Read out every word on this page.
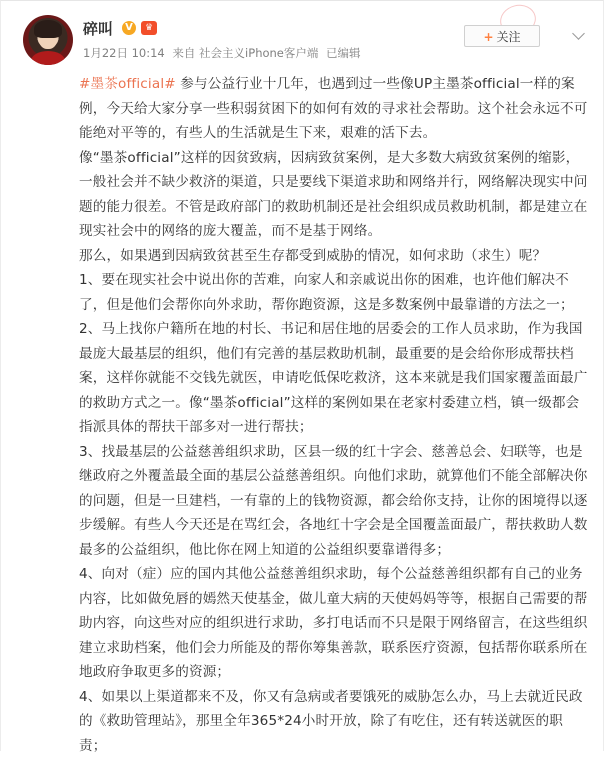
碎叫	V	♛
1月22日 10:14 来自 社会主义iPhone客户端 已编辑
+ 关注
#墨茶official# 参与公益行业十几年，也遇到过一些像UP主墨茶official一样的案例，今天给大家分享一些积弱贫困下的如何有效的寻求社会帮助。这个社会永远不可能绝对平等的，有些人的生活就是生下来，艰难的活下去。
像“墨茶official”这样的因贫致病，因病致贫案例，是大多数大病致贫案例的缩影，一般社会并不缺少救济的渠道，只是要线下渠道求助和网络并行，网络解决现实中问题的能力很差。不管是政府部门的救助机制还是社会组织成员救助机制，都是建立在现实社会中的网络的庞大覆盖，而不是基于网络。
那么，如果遇到因病致贫甚至生存都受到威胁的情况，如何求助（求生）呢？
1、要在现实社会中说出你的苦难，向家人和亲戚说出你的困难，也许他们解决不了，但是他们会帮你向外求助，帮你跑资源，这是多数案例中最靠谱的方法之一；
2、马上找你户籍所在地的村长、书记和居住地的居委会的工作人员求助，作为我国最庞大最基层的组织，他们有完善的基层救助机制，最重要的是会给你形成帮扶档案，这样你就能不交钱先就医，申请吃低保吃救济，这本来就是我们国家覆盖面最广的救助方式之一。像“墨茶official”这样的案例如果在老家村委建立档，镇一级都会指派具体的帮扶干部多对一进行帮扶；
3、找最基层的公益慈善组织求助，区县一级的红十字会、慈善总会、妇联等，也是继政府之外覆盖最全面的基层公益慈善组织。向他们求助，就算他们不能全部解决你的问题，但是一旦建档，一有靠的上的钱物资源，都会给你支持，让你的困境得以逐步缓解。有些人今天还是在骂红会，各地红十字会是全国覆盖面最广，帮扶救助人数最多的公益组织，他比你在网上知道的公益组织要靠谱得多；
4、向对（症）应的国内其他公益慈善组织求助，每个公益慈善组织都有自己的业务内容，比如做免唇的嫣然天使基金，做儿童大病的天使妈妈等等，根据自己需要的帮助内容，向这些对应的组织进行求助，多打电话而不只是限于网络留言，在这些组织建立求助档案，他们会力所能及的帮你筹集善款，联系医疗资源，包括帮你联系所在地政府争取更多的资源；
4、如果以上渠道都来不及，你又有急病或者要饿死的威胁怎么办，马上去就近民政的《救助管理站》，那里全年365*24小时开放，除了有吃住，还有转送就医的职责；
